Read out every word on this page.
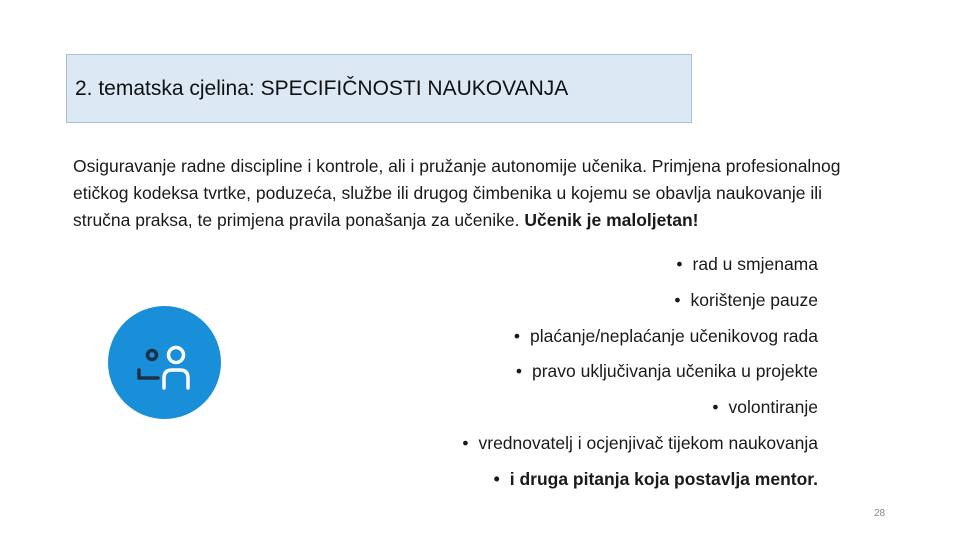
2. tematska cjelina: SPECIFIČNOSTI NAUKOVANJA
Osiguravanje radne discipline i kontrole, ali i pružanje autonomije učenika. Primjena profesionalnog etičkog kodeksa tvrtke, poduzeća, službe ili drugog čimbenika u kojemu se obavlja naukovanje ili stručna praksa, te primjena pravila ponašanja za učenike. Učenik je maloljetan!
• rad u smjenama
• korištenje pauze
• plaćanje/neplaćanje učenikovog rada
• pravo uključivanja učenika u projekte
• volontiranje
• vrednovatelj i ocjenjivač tijekom naukovanja
• i druga pitanja koja postavlja mentor.
28
